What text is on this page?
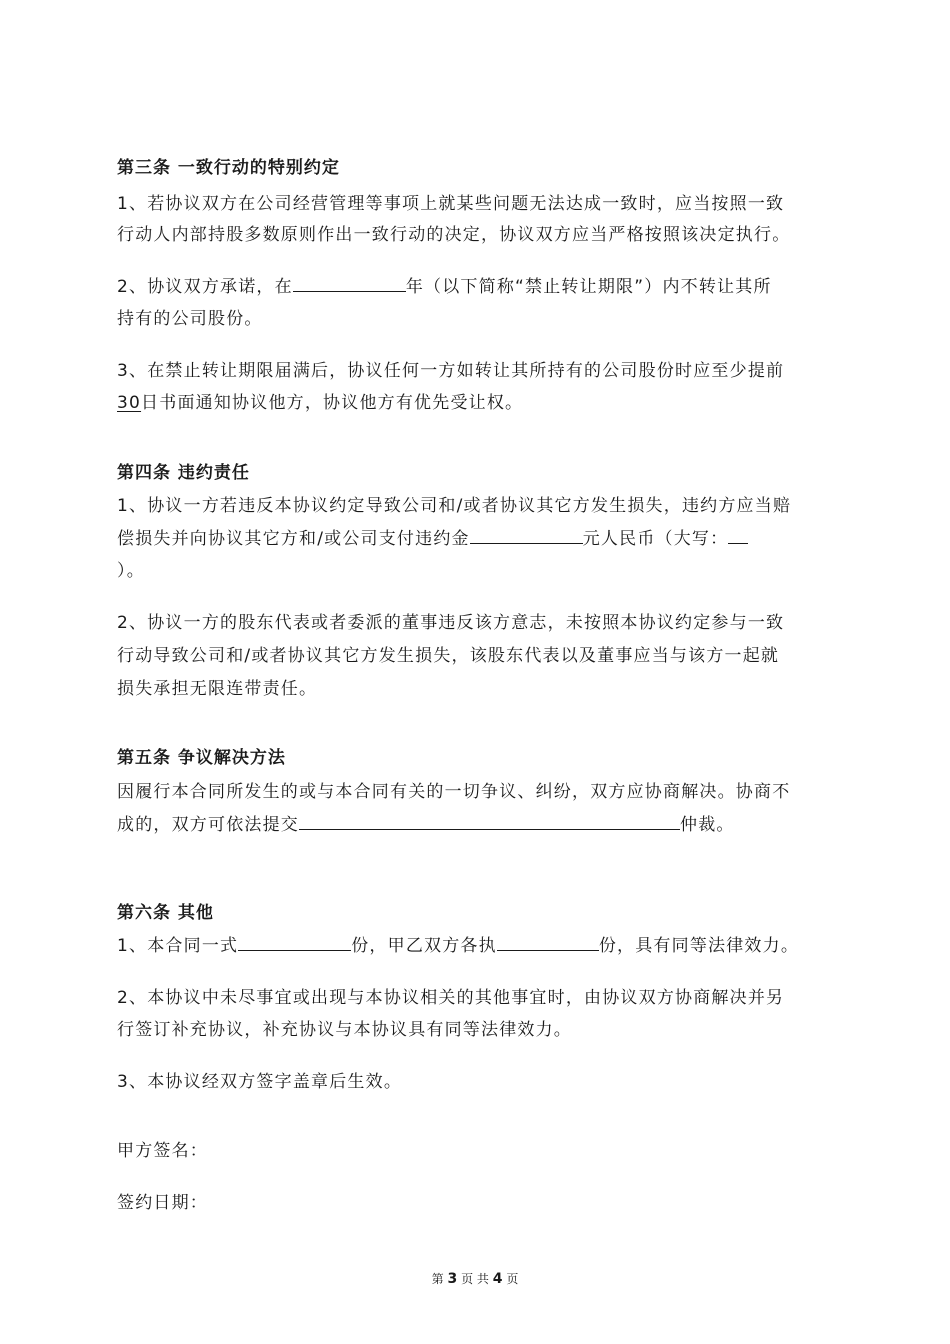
第三条 一致行动的特别约定
1、若协议双方在公司经营管理等事项上就某些问题无法达成一致时，应当按照一致
行动人内部持股多数原则作出一致行动的决定，协议双方应当严格按照该决定执行。
2、协议双方承诺，在	年（以下简称“禁止转让期限”）内不转让其所
持有的公司股份。
3、在禁止转让期限届满后，协议任何一方如转让其所持有的公司股份时应至少提前
30日书面通知协议他方，协议他方有优先受让权。
第四条 违约责任
1、协议一方若违反本协议约定导致公司和/或者协议其它方发生损失，违约方应当赔
偿损失并向协议其它方和/或公司支付违约金	元人民币（大写：
）。
2、协议一方的股东代表或者委派的董事违反该方意志，未按照本协议约定参与一致
行动导致公司和/或者协议其它方发生损失，该股东代表以及董事应当与该方一起就
损失承担无限连带责任。
第五条 争议解决方法
因履行本合同所发生的或与本合同有关的一切争议、纠纷，双方应协商解决。协商不
成的，双方可依法提交	仲裁。
第六条 其他
1、本合同一式	份，甲乙双方各执	份，具有同等法律效力。
2、本协议中未尽事宜或出现与本协议相关的其他事宜时，由协议双方协商解决并另
行签订补充协议，补充协议与本协议具有同等法律效力。
3、本协议经双方签字盖章后生效。
甲方签名：
签约日期：
第 3 页 共 4 页
